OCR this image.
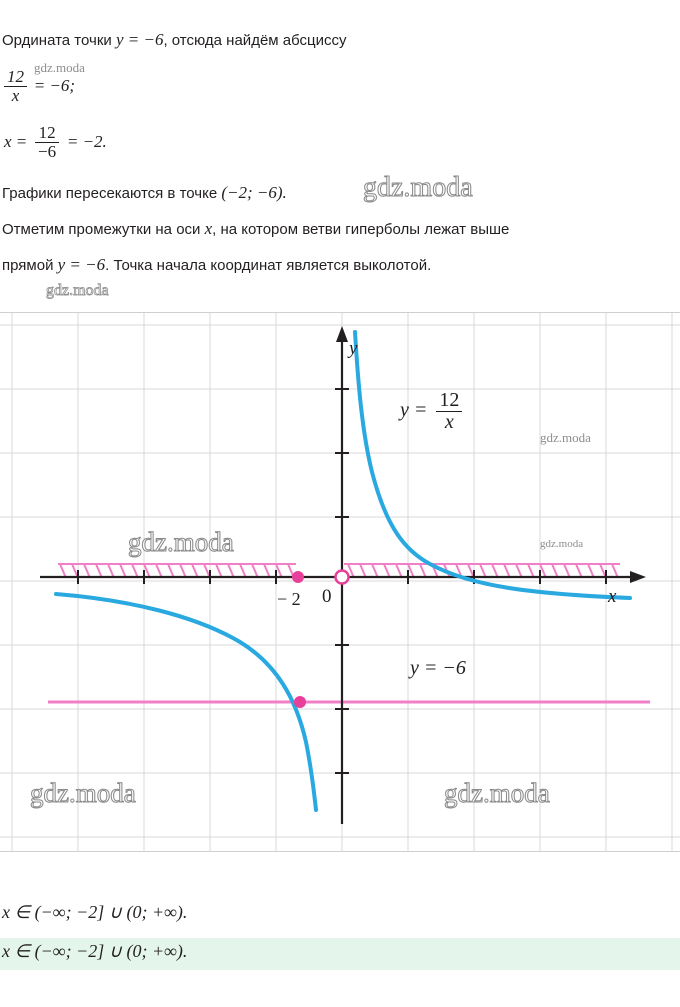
Ордината точки y = −6, отсюда найдём абсциссу
$\frac{12}{x} = -6$;
$x = \frac{12}{-6} = -2$.
Графики пересекаются в точке (−2; −6).
Отметим промежутки на оси x, на котором ветви гиперболы лежат выше
прямой y = −6. Точка начала координат является выколотой.
gdz.moda
gdz.moda
gdz.moda
y
x
0
− 2
$y = \frac{12}{x}$
y = −6
gdz.moda
gdz.moda
gdz.moda
gdz.moda	gdz.moda
x ∈ (−∞; −2] ∪ (0; +∞).
x ∈ (−∞; −2] ∪ (0; +∞).
